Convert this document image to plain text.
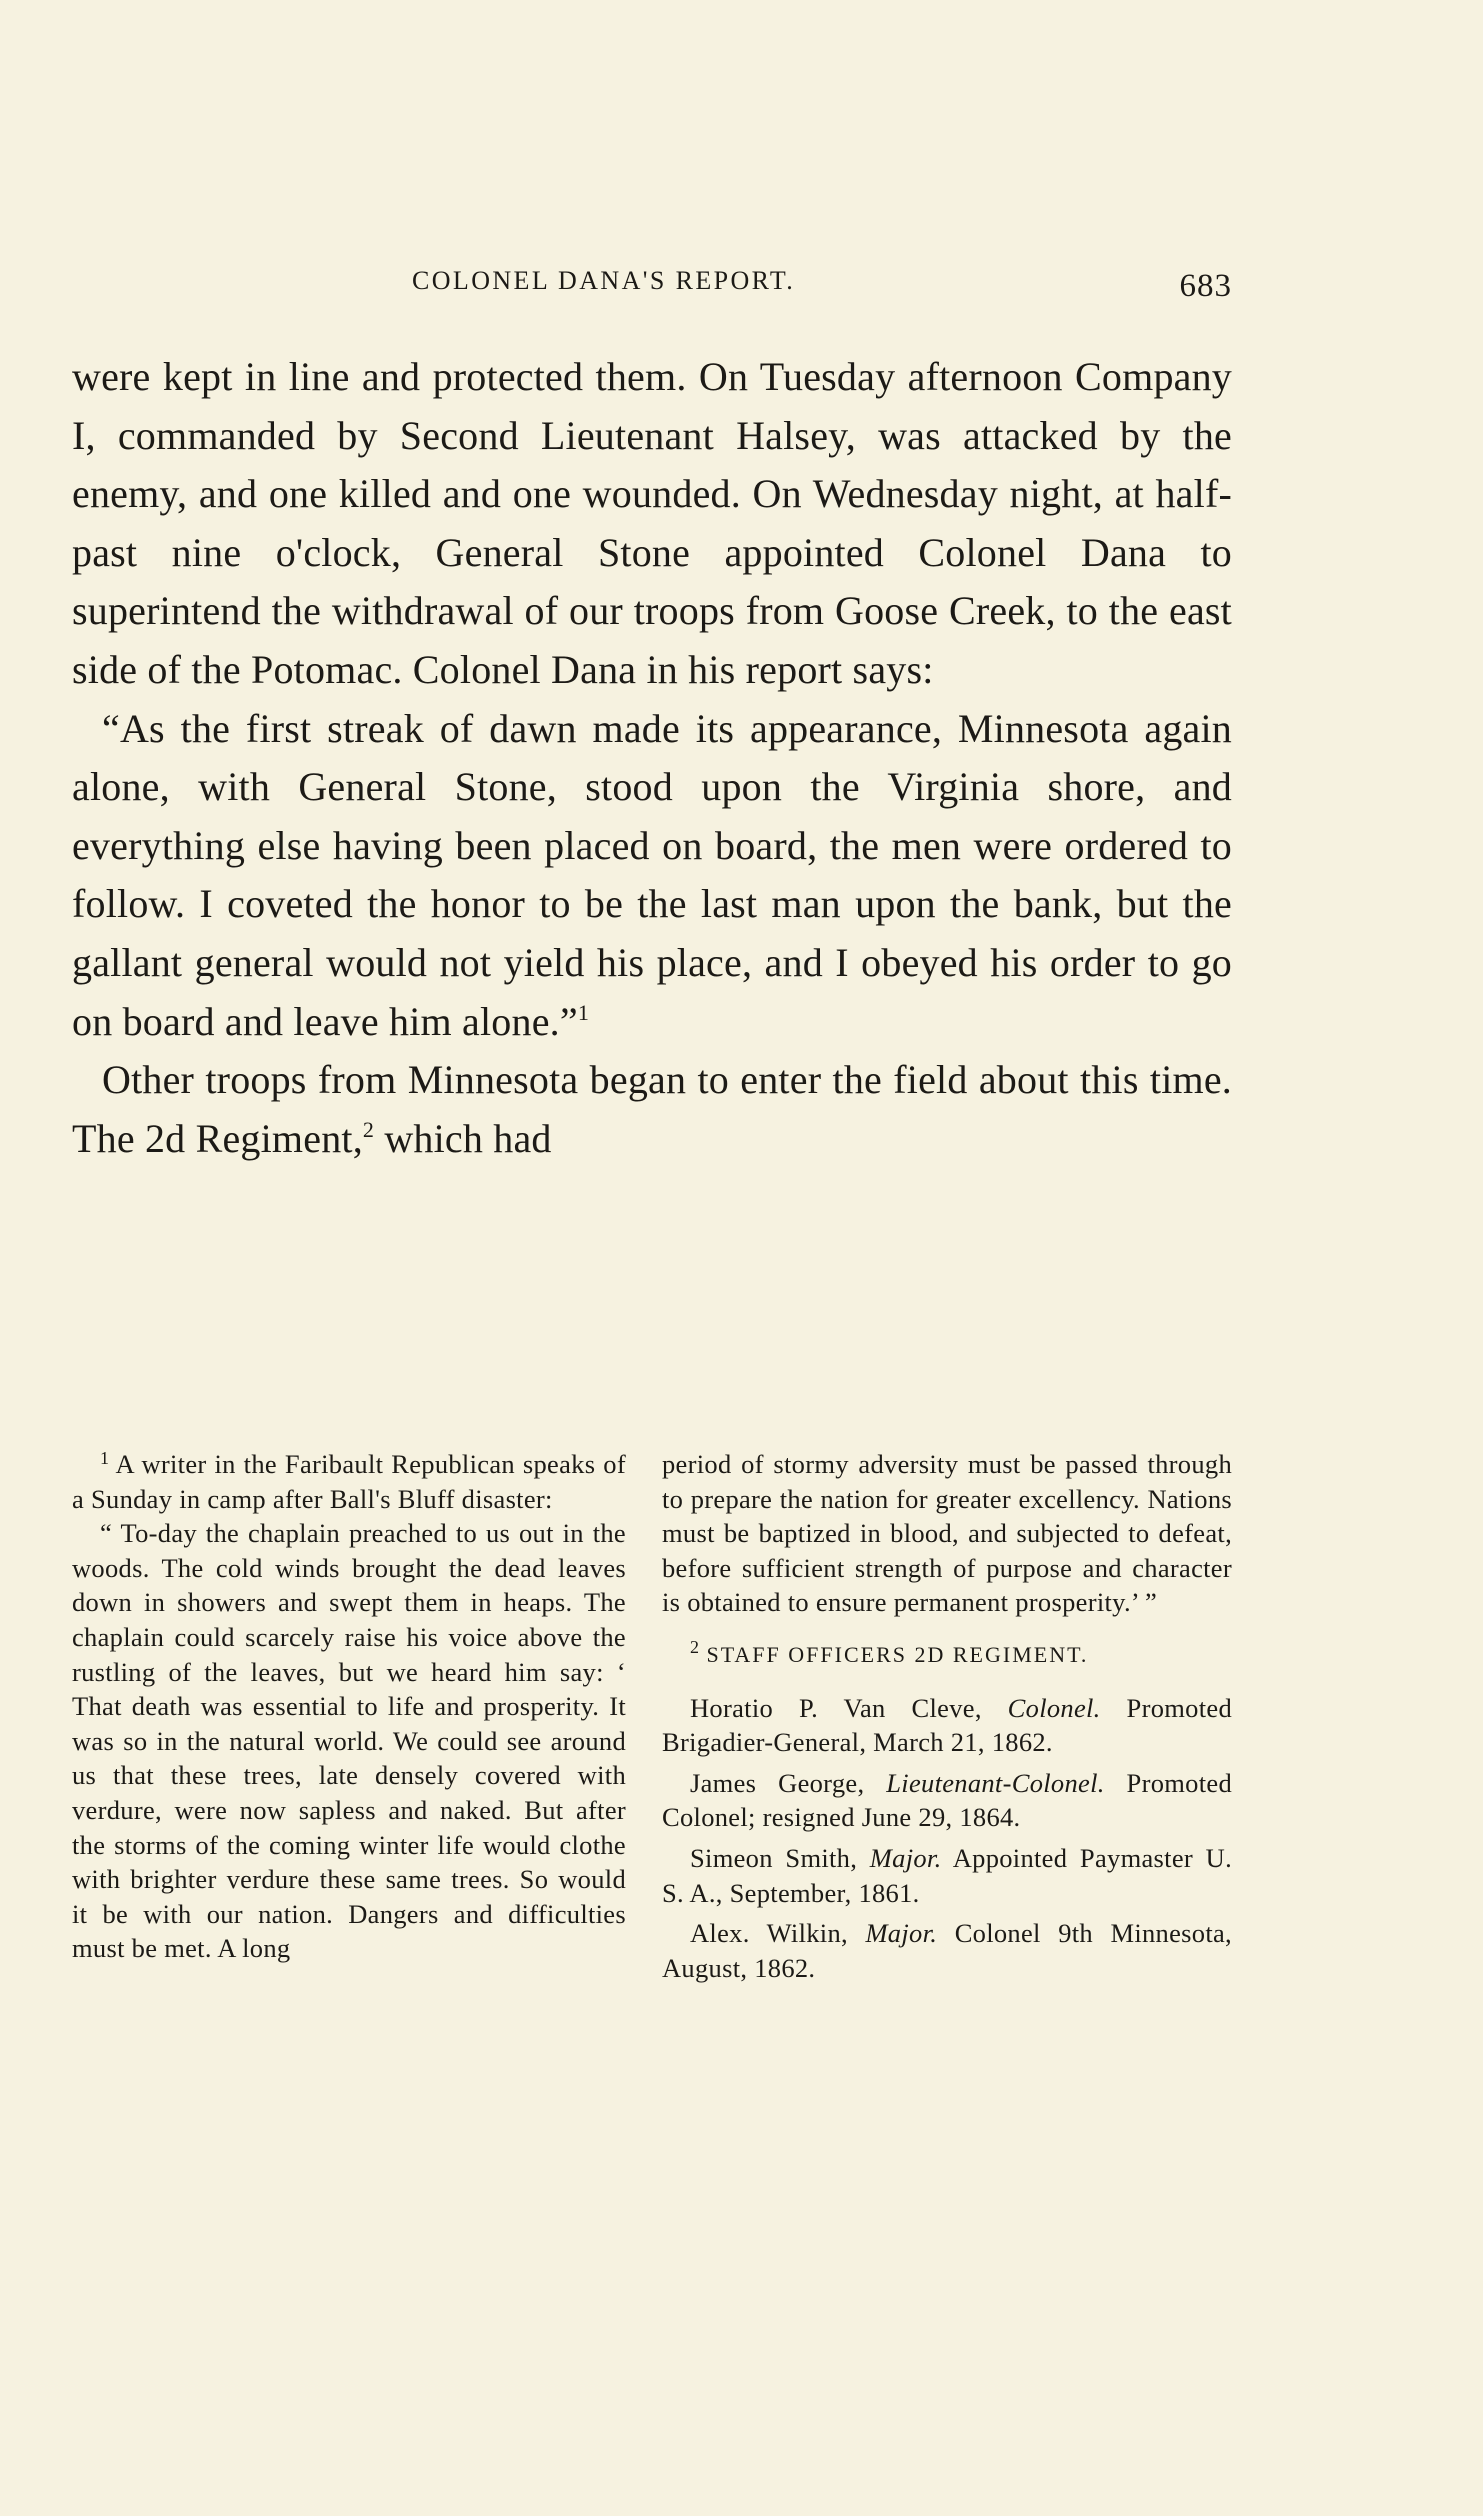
COLONEL DANA'S REPORT.	683

were kept in line and protected them. On Tuesday afternoon Company I, commanded by Second Lieutenant Halsey, was attacked by the enemy, and one killed and one wounded. On Wednesday night, at half-past nine o'clock, General Stone appointed Colonel Dana to superintend the withdrawal of our troops from Goose Creek, to the east side of the Potomac. Colonel Dana in his report says:

“As the first streak of dawn made its appearance, Minnesota again alone, with General Stone, stood upon the Virginia shore, and everything else having been placed on board, the men were ordered to follow. I coveted the honor to be the last man upon the bank, but the gallant general would not yield his place, and I obeyed his order to go on board and leave him alone.”$^1$

Other troops from Minnesota began to enter the field about this time. The 2d Regiment,$^2$ which had

$^1$ A writer in the Faribault Republican speaks of a Sunday in camp after Ball's Bluff disaster:

“ To-day the chaplain preached to us out in the woods. The cold winds brought the dead leaves down in showers and swept them in heaps. The chaplain could scarcely raise his voice above the rustling of the leaves, but we heard him say: ‘ That death was essential to life and prosperity. It was so in the natural world. We could see around us that these trees, late densely covered with verdure, were now sapless and naked. But after the storms of the coming winter life would clothe with brighter verdure these same trees. So would it be with our nation. Dangers and difficulties must be met. A long

period of stormy adversity must be passed through to prepare the nation for greater excellency. Nations must be baptized in blood, and subjected to defeat, before sufficient strength of purpose and character is obtained to ensure permanent prosperity.’ ”

$^2$ STAFF OFFICERS 2D REGIMENT.

Horatio P. Van Cleve, Colonel. Promoted Brigadier-General, March 21, 1862.

James George, Lieutenant-Colonel. Promoted Colonel; resigned June 29, 1864.

Simeon Smith, Major. Appointed Paymaster U. S. A., September, 1861.

Alex. Wilkin, Major. Colonel 9th Minnesota, August, 1862.
